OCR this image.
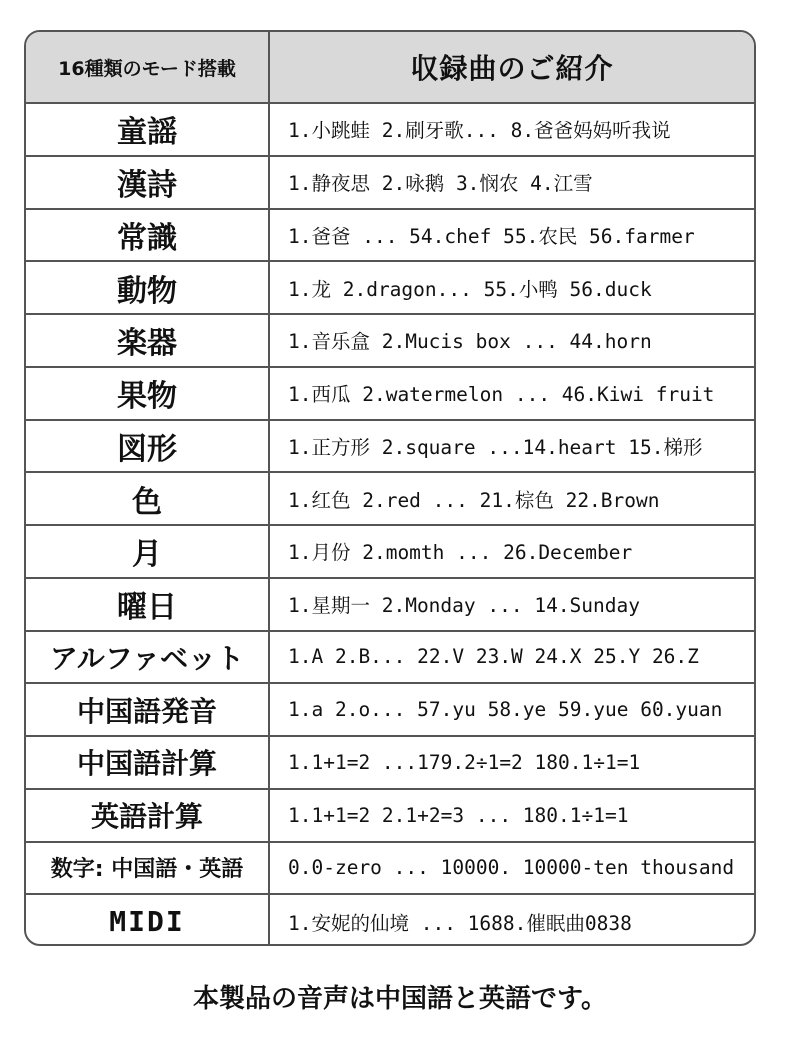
16種類のモード搭載	収録曲のご紹介
童謡	1.小跳蛙 2.刷牙歌... 8.爸爸妈妈听我说
漢詩	1.静夜思 2.咏鹅 3.悯农 4.江雪
常識	1.爸爸 ... 54.chef 55.农民 56.farmer
動物	1.龙 2.dragon... 55.小鸭 56.duck
楽器	1.音乐盒 2.Mucis box ... 44.horn
果物	1.西瓜 2.watermelon ... 46.Kiwi fruit
図形	1.正方形 2.square ...14.heart 15.梯形
色	1.红色 2.red ... 21.棕色 22.Brown
月	1.月份 2.momth ... 26.December
曜日	1.星期一 2.Monday ... 14.Sunday
アルファベット	1.A 2.B... 22.V 23.W 24.X 25.Y 26.Z
中国語発音	1.a 2.o... 57.yu 58.ye 59.yue 60.yuan
中国語計算	1.1+1=2 ...179.2÷1=2 180.1÷1=1
英語計算	1.1+1=2 2.1+2=3 ... 180.1÷1=1
数字: 中国語・英語	0.0-zero ... 10000. 10000-ten thousand
MIDI	1.安妮的仙境 ... 1688.催眠曲0838
本製品の音声は中国語と英語です。
